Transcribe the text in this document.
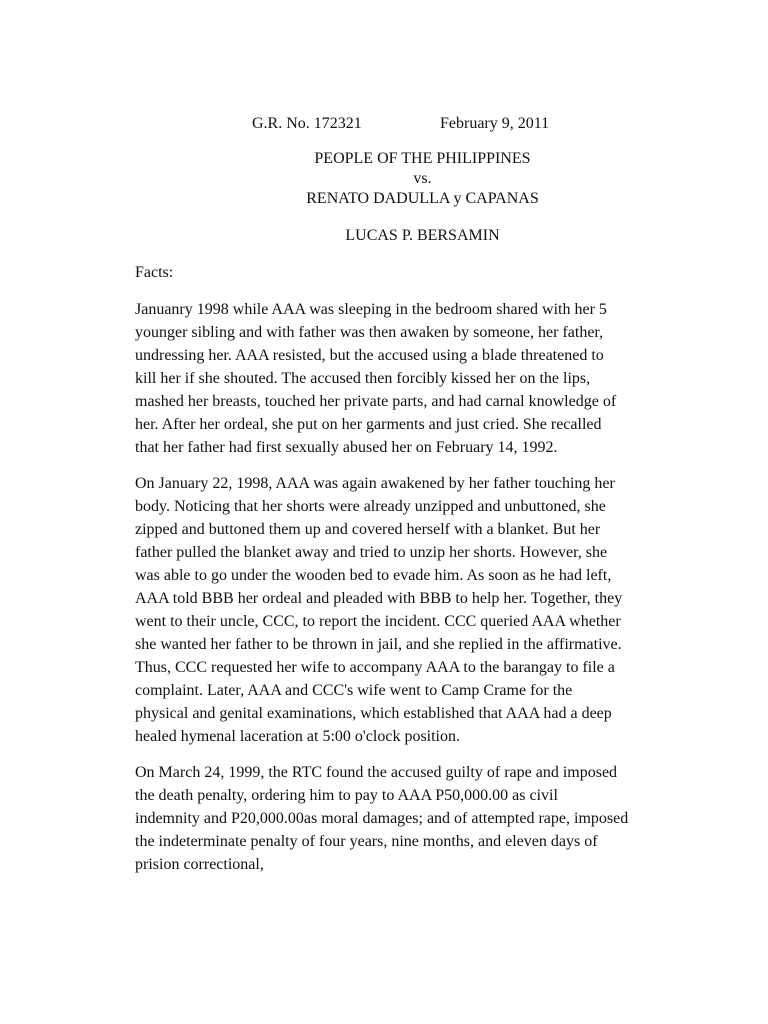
G.R. No. 172321	February 9, 2011

PEOPLE OF THE PHILIPPINES

vs.

RENATO DADULLA y CAPANAS

LUCAS P. BERSAMIN

Facts:

Januanry 1998 while AAA was sleeping in the bedroom shared with her 5
younger sibling and with father was then awaken by someone, her father,
undressing her. AAA resisted, but the accused using a blade threatened to
kill her if she shouted. The accused then forcibly kissed her on the lips,
mashed her breasts, touched her private parts, and had carnal knowledge of
her. After her ordeal, she put on her garments and just cried. She recalled
that her father had first sexually abused her on February 14, 1992.

On January 22, 1998, AAA was again awakened by her father touching her
body. Noticing that her shorts were already unzipped and unbuttoned, she
zipped and buttoned them up and covered herself with a blanket. But her
father pulled the blanket away and tried to unzip her shorts. However, she
was able to go under the wooden bed to evade him. As soon as he had left,
AAA told BBB her ordeal and pleaded with BBB to help her. Together, they
went to their uncle, CCC, to report the incident. CCC queried AAA whether
she wanted her father to be thrown in jail, and she replied in the affirmative.
Thus, CCC requested her wife to accompany AAA to the barangay to file a
complaint. Later, AAA and CCC's wife went to Camp Crame for the
physical and genital examinations, which established that AAA had a deep
healed hymenal laceration at 5:00 o'clock position.

On March 24, 1999, the RTC found the accused guilty of rape and imposed
the death penalty, ordering him to pay to AAA P50,000.00 as civil
indemnity and P20,000.00as moral damages; and of attempted rape, imposed
the indeterminate penalty of four years, nine months, and eleven days of
prision correctional,
